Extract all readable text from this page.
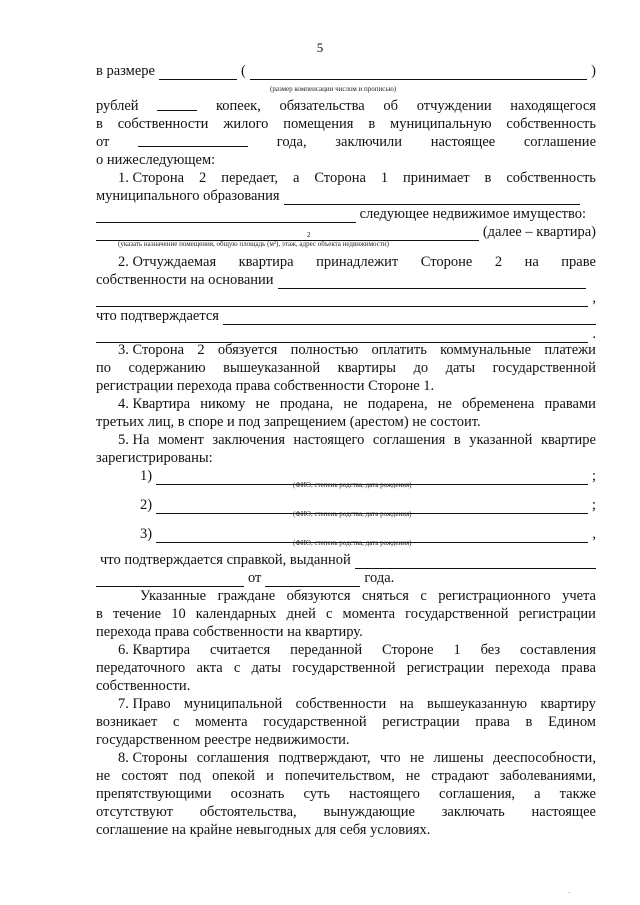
5
в размере	(	)
(размер компенсации числом и прописью)
рублей	копеек, обязательства об отчуждении находящегося
в собственности жилого помещения в муниципальную собственность
от	года, заключили настоящее соглашение
о нижеследующем:
1. Сторона 2 передает, а Сторона 1 принимает в собственность
муниципального образования
следующее недвижимое имущество:
(далее – квартира)
2
(указать назначение помещения, общую площадь (м²), этаж, адрес объекта недвижимости)
2. Отчуждаемая квартира принадлежит Стороне 2 на праве
собственности на основании
,
что подтверждается
.
3. Сторона 2 обязуется полностью оплатить коммунальные платежи
по содержанию вышеуказанной квартиры до даты государственной
регистрации перехода права собственности Стороне 1.
4. Квартира никому не продана, не подарена, не обременена правами
третьих лиц, в споре и под запрещением (арестом) не состоит.
5. На момент заключения настоящего соглашения в указанной квартире
зарегистрированы:
1)	;
(ФИО, степень родства, дата рождения)
2)	;
(ФИО, степень родства, дата рождения)
3)	,
(ФИО, степень родства, дата рождения)
что подтверждается справкой, выданной
от	года.
Указанные граждане обязуются сняться с регистрационного учета
в течение 10 календарных дней с момента государственной регистрации
перехода права собственности на квартиру.
6. Квартира считается переданной Стороне 1 без составления
передаточного акта с даты государственной регистрации перехода права
собственности.
7. Право муниципальной собственности на вышеуказанную квартиру
возникает с момента государственной регистрации права в Едином
государственном реестре недвижимости.
8. Стороны соглашения подтверждают, что не лишены дееспособности,
не состоят под опекой и попечительством, не страдают заболеваниями,
препятствующими осознать суть настоящего соглашения, а также
отсутствуют обстоятельства, вынуждающие заключать настоящее
соглашение на крайне невыгодных для себя условиях.
.
